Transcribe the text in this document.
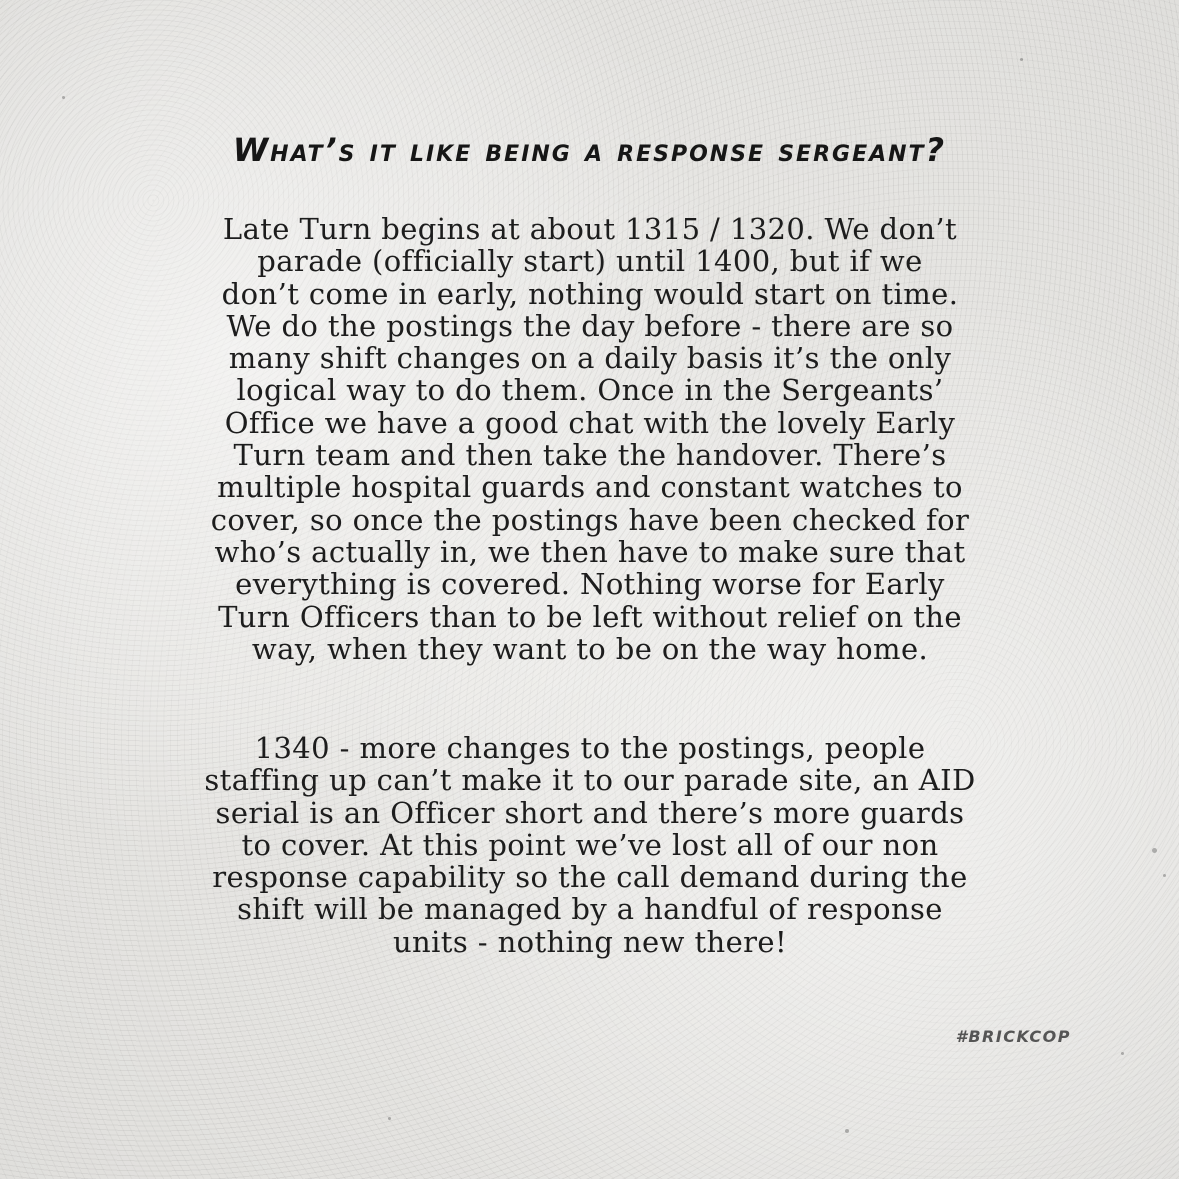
What’s it like being a response sergeant?
Late Turn begins at about 1315 / 1320. We don’t
parade (officially start) until 1400, but if we
don’t come in early, nothing would start on time.
We do the postings the day before - there are so
many shift changes on a daily basis it’s the only
logical way to do them. Once in the Sergeants’
Office we have a good chat with the lovely Early
Turn team and then take the handover. There’s
multiple hospital guards and constant watches to
cover, so once the postings have been checked for
who’s actually in, we then have to make sure that
everything is covered. Nothing worse for Early
Turn Officers than to be left without relief on the
way, when they want to be on the way home.
1340 - more changes to the postings, people
staffing up can’t make it to our parade site, an AID
serial is an Officer short and there’s more guards
to cover. At this point we’ve lost all of our non
response capability so the call demand during the
shift will be managed by a handful of response
units - nothing new there!
#BRICKCOP
